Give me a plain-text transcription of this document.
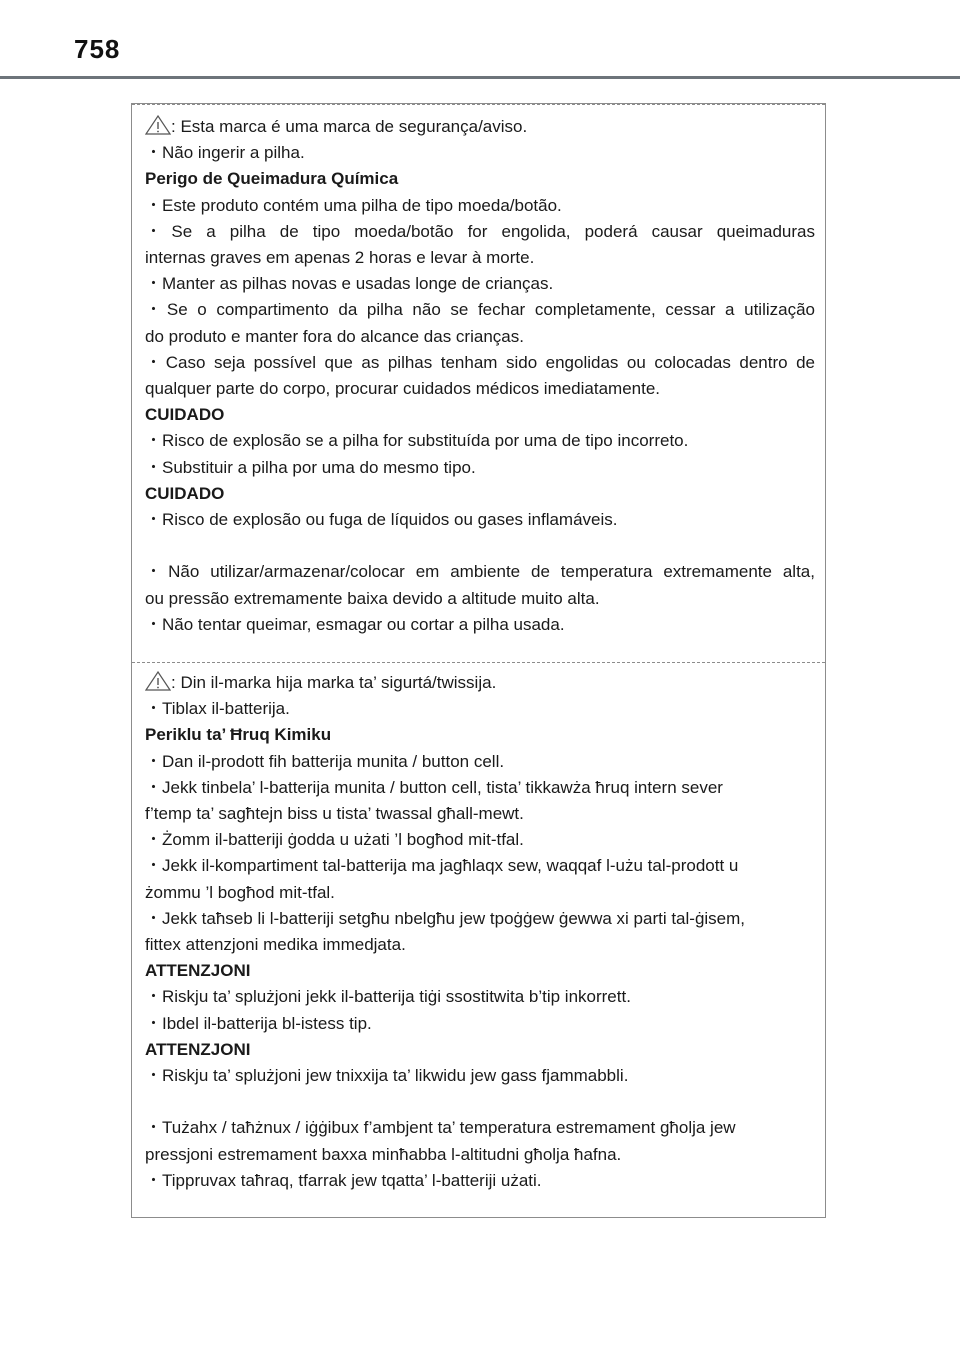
758
: Esta marca é uma marca de segurança/aviso.
・Não ingerir a pilha.
Perigo de Queimadura Química
・Este produto contém uma pilha de tipo moeda/botão.
・Se a pilha de tipo moeda/botão for engolida, poderá causar queimaduras
internas graves em apenas 2 horas e levar à morte.
・Manter as pilhas novas e usadas longe de crianças.
・Se o compartimento da pilha não se fechar completamente, cessar a utilização
do produto e manter fora do alcance das crianças.
・Caso seja possível que as pilhas tenham sido engolidas ou colocadas dentro de
qualquer parte do corpo, procurar cuidados médicos imediatamente.
CUIDADO
・Risco de explosão se a pilha for substituída por uma de tipo incorreto.
・Substituir a pilha por uma do mesmo tipo.
CUIDADO
・Risco de explosão ou fuga de líquidos ou gases inflamáveis.
・Não utilizar/armazenar/colocar em ambiente de temperatura extremamente alta,
ou pressão extremamente baixa devido a altitude muito alta.
・Não tentar queimar, esmagar ou cortar a pilha usada.
: Din il-marka hija marka ta’ sigurtá/twissija.
・Tiblax il-batterija.
Periklu ta’ Ħruq Kimiku
・Dan il-prodott fih batterija munita / button cell.
・Jekk tinbela’ l-batterija munita / button cell, tista’ tikkawża ħruq intern sever
f’temp ta’ sagħtejn biss u tista’ twassal għall-mewt.
・Żomm il-batteriji ġodda u użati ’l bogħod mit-tfal.
・Jekk il-kompartiment tal-batterija ma jagħlaqx sew, waqqaf l-użu tal-prodott u
żommu ’l bogħod mit-tfal.
・Jekk taħseb li l-batteriji setgħu nbelgħu jew tpoġġew ġewwa xi parti tal-ġisem,
fittex attenzjoni medika immedjata.
ATTENZJONI
・Riskju ta’ splużjoni jekk il-batterija tiġi ssostitwita b’tip inkorrett.
・Ibdel il-batterija bl-istess tip.
ATTENZJONI
・Riskju ta’ splużjoni jew tnixxija ta’ likwidu jew gass fjammabbli.
・Tużahx / taħżnux / iġġibux f’ambjent ta’ temperatura estremament għolja jew
pressjoni estremament baxxa minħabba l-altitudni għolja ħafna.
・Tippruvax taħraq, tfarrak jew tqatta’ l-batteriji użati.
